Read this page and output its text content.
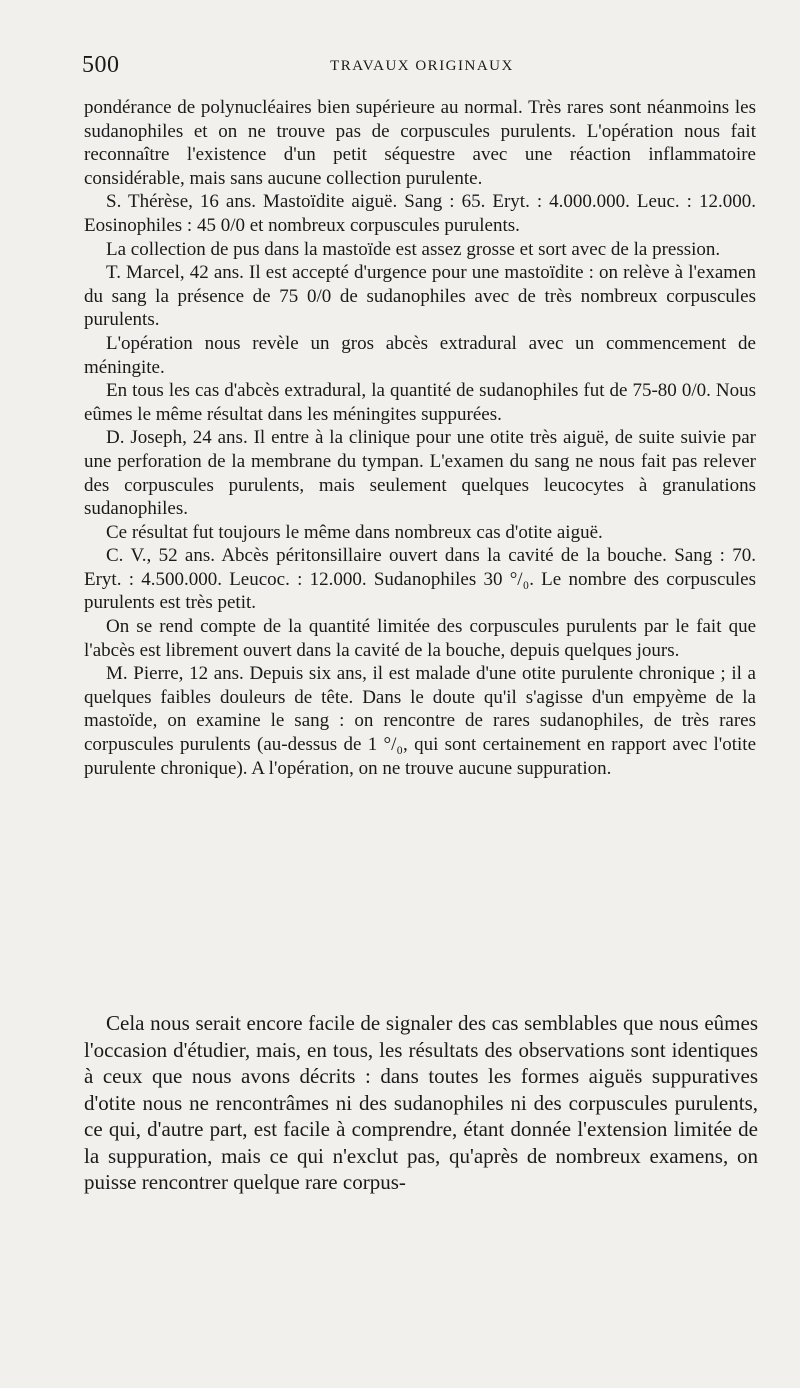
500	TRAVAUX ORIGINAUX

pondérance de polynucléaires bien supérieure au normal. Très rares sont néanmoins les sudanophiles et on ne trouve pas de corpuscules purulents. L'opération nous fait reconnaître l'existence d'un petit séquestre avec une réaction inflammatoire considérable, mais sans aucune collection purulente.

S. Thérèse, 16 ans. Mastoïdite aiguë. Sang : 65. Eryt. : 4.000.000. Leuc. : 12.000. Eosinophiles : 45 0/0 et nombreux corpuscules purulents.

La collection de pus dans la mastoïde est assez grosse et sort avec de la pression.

T. Marcel, 42 ans. Il est accepté d'urgence pour une mastoïdite : on relève à l'examen du sang la présence de 75 0/0 de sudanophiles avec de très nombreux corpuscules purulents.

L'opération nous revèle un gros abcès extradural avec un commencement de méningite.

En tous les cas d'abcès extradural, la quantité de sudanophiles fut de 75-80 0/0. Nous eûmes le même résultat dans les méningites suppurées.

D. Joseph, 24 ans. Il entre à la clinique pour une otite très aiguë, de suite suivie par une perforation de la membrane du tympan. L'examen du sang ne nous fait pas relever des corpuscules purulents, mais seulement quelques leucocytes à granulations sudanophiles.

Ce résultat fut toujours le même dans nombreux cas d'otite aiguë.

C. V., 52 ans. Abcès péritonsillaire ouvert dans la cavité de la bouche. Sang : 70. Eryt. : 4.500.000. Leucoc. : 12.000. Sudanophiles 30 °/₀. Le nombre des corpuscules purulents est très petit.

On se rend compte de la quantité limitée des corpuscules purulents par le fait que l'abcès est librement ouvert dans la cavité de la bouche, depuis quelques jours.

M. Pierre, 12 ans. Depuis six ans, il est malade d'une otite purulente chronique ; il a quelques faibles douleurs de tête. Dans le doute qu'il s'agisse d'un empyème de la mastoïde, on examine le sang : on rencontre de rares sudanophiles, de très rares corpuscules purulents (au-dessus de 1 °/₀, qui sont certainement en rapport avec l'otite purulente chronique). A l'opération, on ne trouve aucune suppuration.

Cela nous serait encore facile de signaler des cas semblables que nous eûmes l'occasion d'étudier, mais, en tous, les résultats des observations sont identiques à ceux que nous avons décrits : dans toutes les formes aiguës suppuratives d'otite nous ne rencontrâmes ni des sudanophiles ni des corpuscules purulents, ce qui, d'autre part, est facile à comprendre, étant donnée l'extension limitée de la suppuration, mais ce qui n'exclut pas, qu'après de nombreux examens, on puisse rencontrer quelque rare corpus-
